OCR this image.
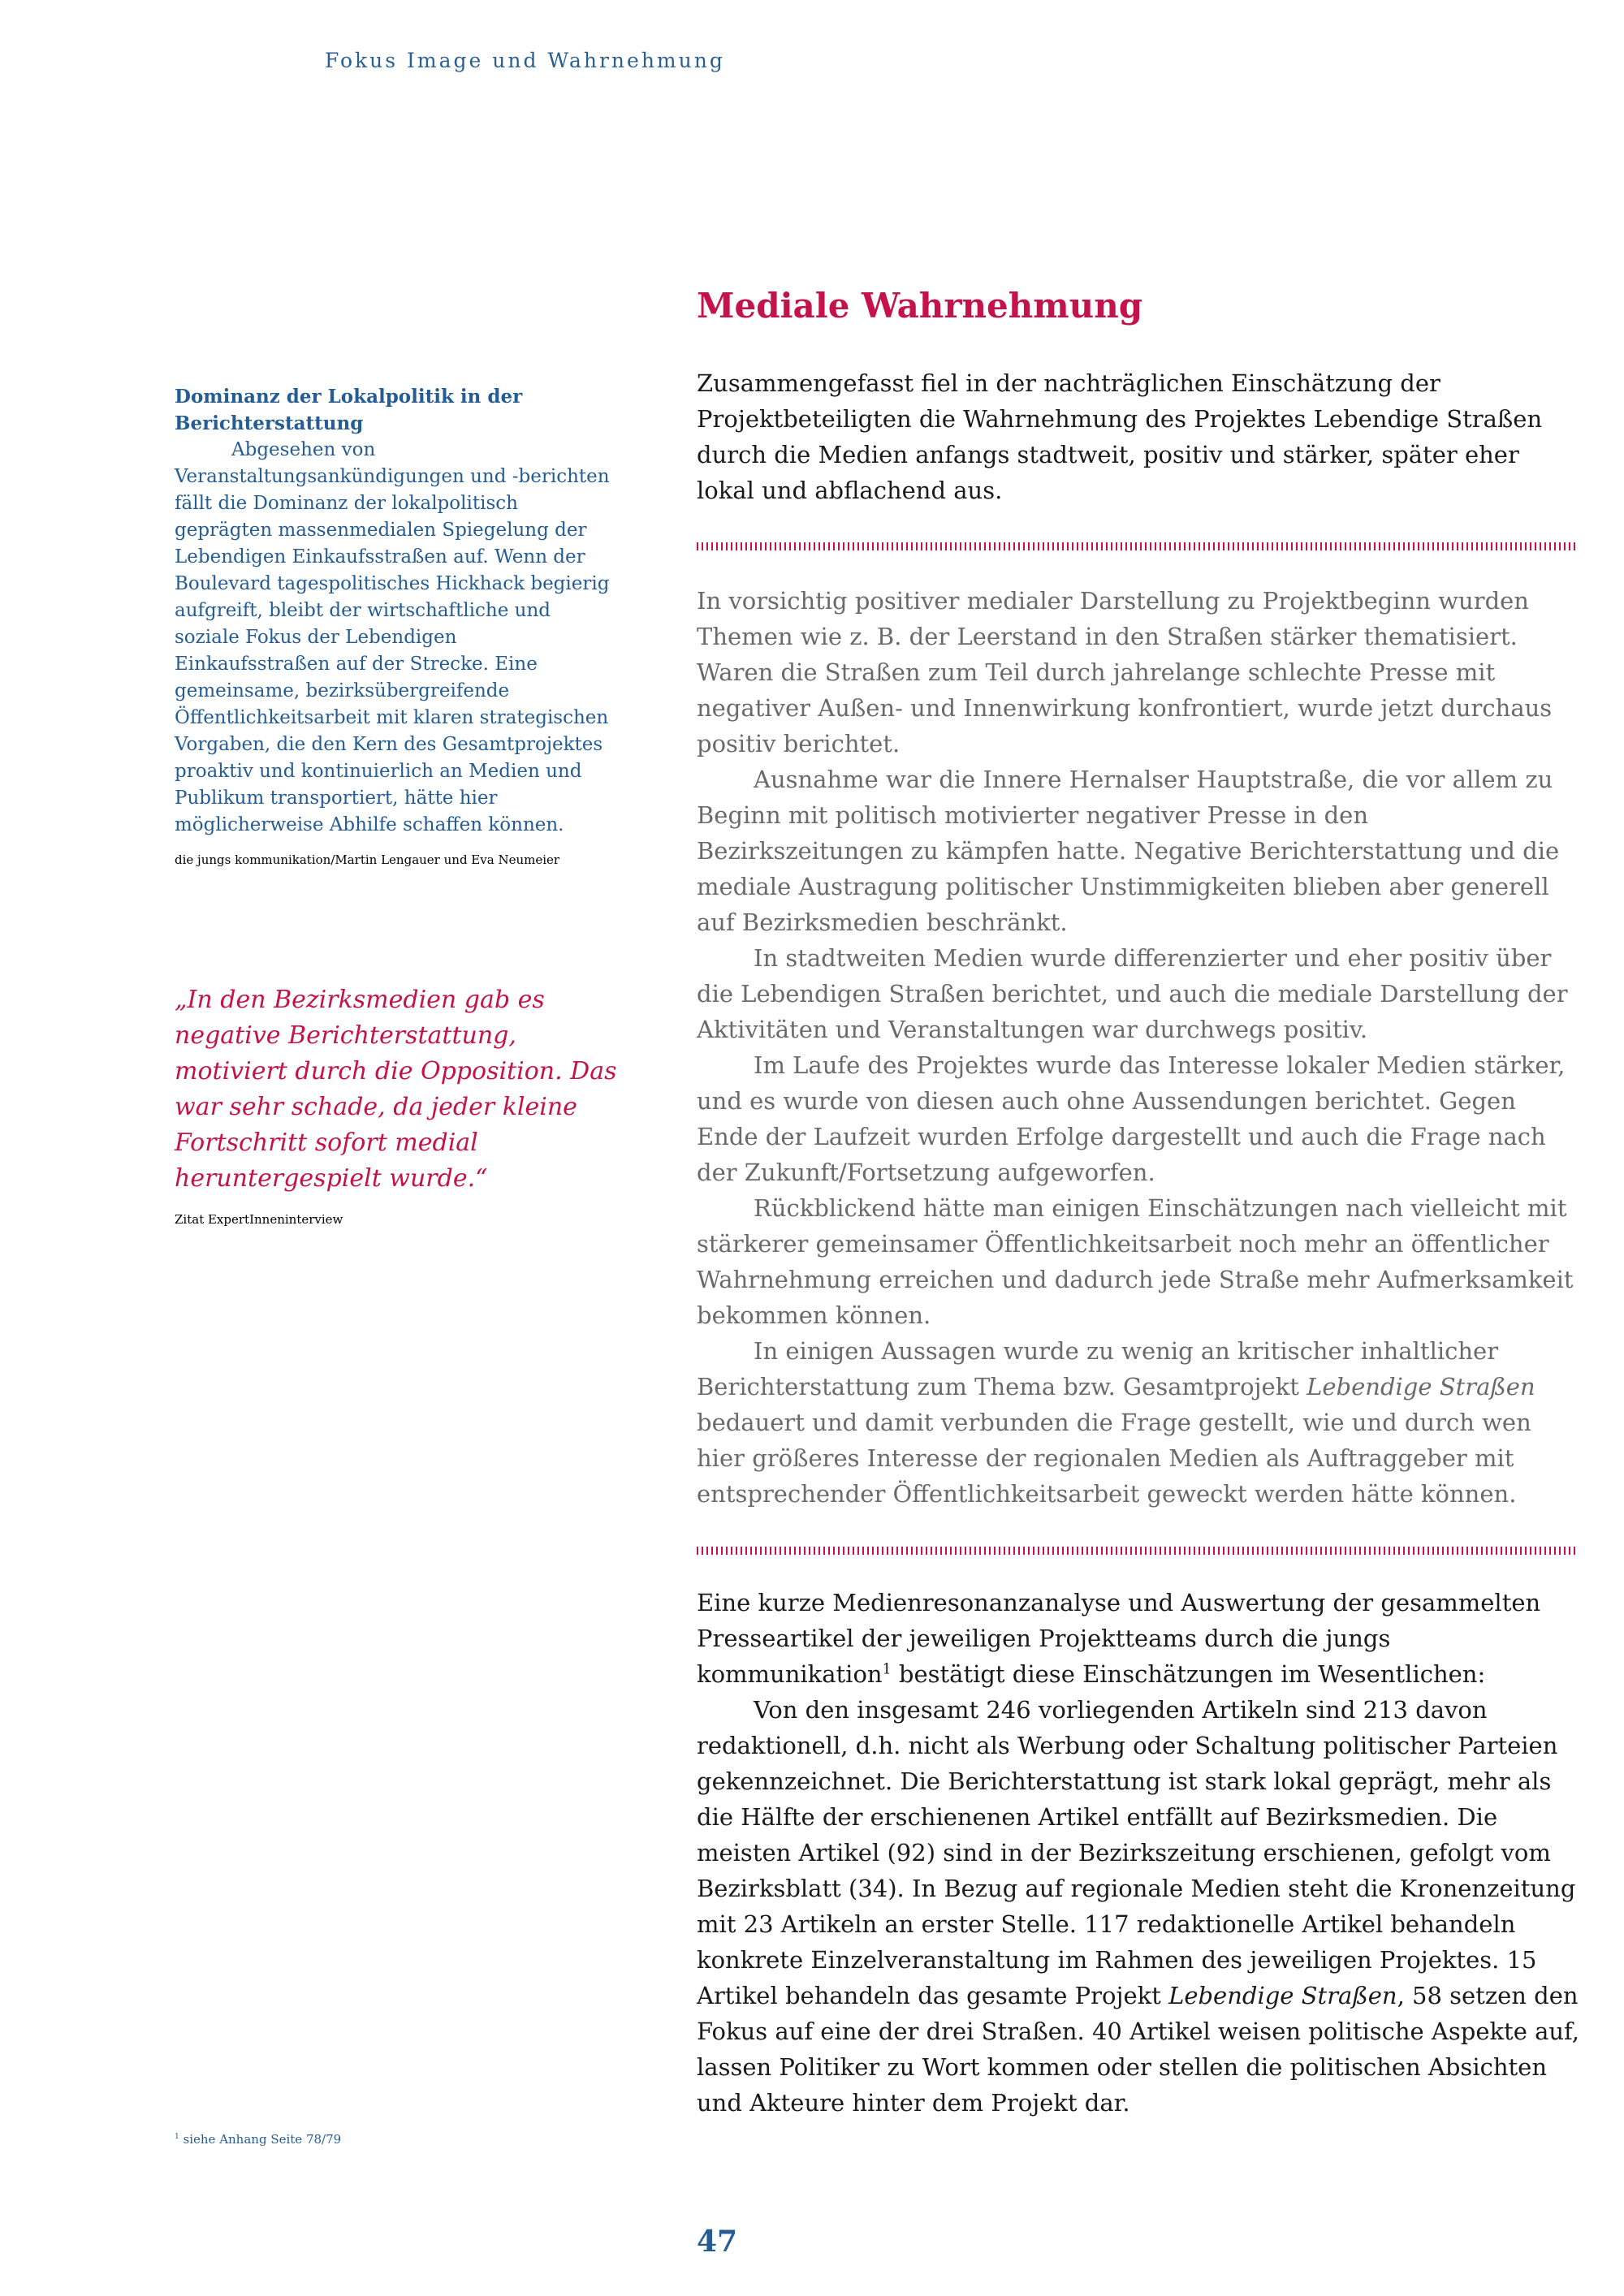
Fokus Image und Wahrnehmung
Dominanz der Lokalpolitik in der Berichterstattung

Abgesehen von Veranstaltungsankündigungen und -berichten fällt die Dominanz der lokalpolitisch geprägten massenmedialen Spiegelung der Lebendigen Einkaufsstraßen auf. Wenn der Boulevard tagespolitisches Hickhack begierig aufgreift, bleibt der wirtschaftliche und soziale Fokus der Lebendigen Einkaufsstraßen auf der Strecke. Eine gemeinsame, bezirksübergreifende Öffentlichkeitsarbeit mit klaren strategischen Vorgaben, die den Kern des Gesamtprojektes proaktiv und kontinuierlich an Medien und Publikum transportiert, hätte hier möglicherweise Abhilfe schaffen können.

die jungs kommunikation/Martin Lengauer und Eva Neumeier
„In den Bezirksmedien gab es negative Berichterstattung, motiviert durch die Opposition. Das war sehr schade, da jeder kleine Fortschritt sofort medial heruntergespielt wurde.“
Zitat ExpertInneninterview
Mediale Wahrnehmung

Zusammengefasst fiel in der nachträglichen Einschätzung der Projektbeteiligten die Wahrnehmung des Projektes Lebendige Straßen durch die Medien anfangs stadtweit, positiv und stärker, später eher lokal und abflachend aus.

In vorsichtig positiver medialer Darstellung zu Projektbeginn wurden Themen wie z. B. der Leerstand in den Straßen stärker thematisiert. Waren die Straßen zum Teil durch jahrelange schlechte Presse mit negativer Außen- und Innenwirkung konfrontiert, wurde jetzt durchaus positiv berichtet.

Ausnahme war die Innere Hernalser Hauptstraße, die vor allem zu Beginn mit politisch motivierter negativer Presse in den Bezirkszeitungen zu kämpfen hatte. Negative Berichterstattung und die mediale Austragung politischer Unstimmigkeiten blieben aber generell auf Bezirksmedien beschränkt.

In stadtweiten Medien wurde differenzierter und eher positiv über die Lebendigen Straßen berichtet, und auch die mediale Darstellung der Aktivitäten und Veranstaltungen war durchwegs positiv.

Im Laufe des Projektes wurde das Interesse lokaler Medien stärker, und es wurde von diesen auch ohne Aussendungen berichtet. Gegen Ende der Laufzeit wurden Erfolge dargestellt und auch die Frage nach der Zukunft/Fortsetzung aufgeworfen.

Rückblickend hätte man einigen Einschätzungen nach vielleicht mit stärkerer gemeinsamer Öffentlichkeitsarbeit noch mehr an öffentlicher Wahrnehmung erreichen und dadurch jede Straße mehr Aufmerksamkeit bekommen können.

In einigen Aussagen wurde zu wenig an kritischer inhaltlicher Berichterstattung zum Thema bzw. Gesamtprojekt Lebendige Straßen bedauert und damit verbunden die Frage gestellt, wie und durch wen hier größeres Interesse der regionalen Medien als Auftraggeber mit entsprechender Öffentlichkeitsarbeit geweckt werden hätte können.

Eine kurze Medienresonanzanalyse und Auswertung der gesammelten Presseartikel der jeweiligen Projektteams durch die jungs kommunikation$^1$ bestätigt diese Einschätzungen im Wesentlichen:

Von den insgesamt 246 vorliegenden Artikeln sind 213 davon redaktionell, d.h. nicht als Werbung oder Schaltung politischer Parteien gekennzeichnet. Die Berichterstattung ist stark lokal geprägt, mehr als die Hälfte der erschienenen Artikel entfällt auf Bezirksmedien. Die meisten Artikel (92) sind in der Bezirkszeitung erschienen, gefolgt vom Bezirksblatt (34). In Bezug auf regionale Medien steht die Kronenzeitung mit 23 Artikeln an erster Stelle. 117 redaktionelle Artikel behandeln konkrete Einzelveranstaltung im Rahmen des jeweiligen Projektes. 15 Artikel behandeln das gesamte Projekt Lebendige Straßen, 58 setzen den Fokus auf eine der drei Straßen. 40 Artikel weisen politische Aspekte auf, lassen Politiker zu Wort kommen oder stellen die politischen Absichten und Akteure hinter dem Projekt dar.

$^1$ siehe Anhang Seite 78/79
47
